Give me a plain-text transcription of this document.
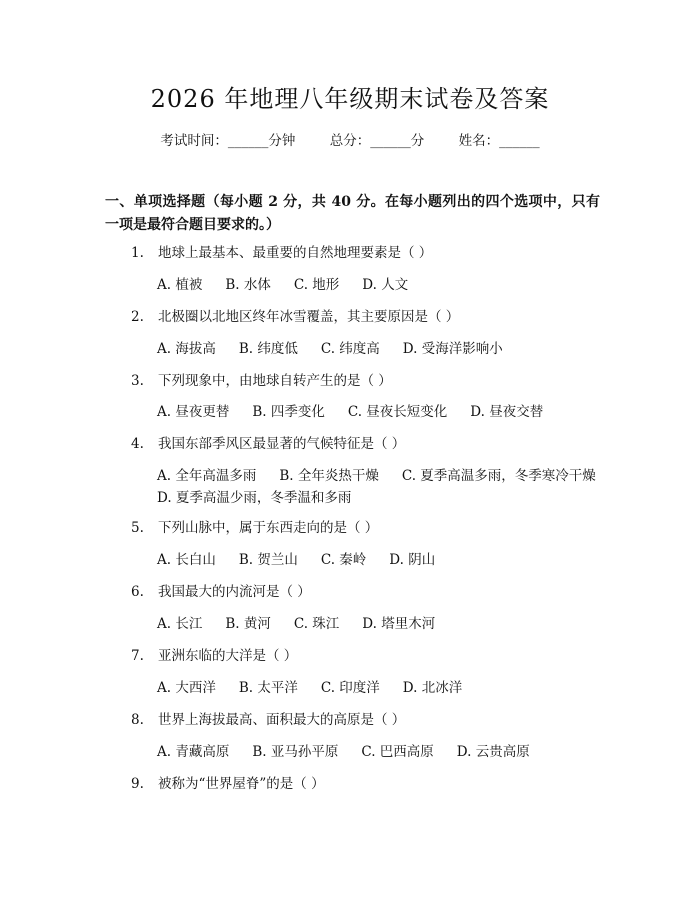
2026 年地理八年级期末试卷及答案
考试时间：______分钟	总分：______分	姓名：______
一、单项选择题（每小题 2 分，共 40 分。在每小题列出的四个选项中，只有一项是最符合题目要求的。）
1. 地球上最基本、最重要的自然地理要素是（ ）
A. 植被 B. 水体 C. 地形 D. 人文
2. 北极圈以北地区终年冰雪覆盖，其主要原因是（ ）
A. 海拔高 B. 纬度低 C. 纬度高 D. 受海洋影响小
3. 下列现象中，由地球自转产生的是（ ）
A. 昼夜更替 B. 四季变化 C. 昼夜长短变化 D. 昼夜交替
4. 我国东部季风区最显著的气候特征是（ ）
A. 全年高温多雨 B. 全年炎热干燥 C. 夏季高温多雨，冬季寒冷干燥
D. 夏季高温少雨，冬季温和多雨
5. 下列山脉中，属于东西走向的是（ ）
A. 长白山 B. 贺兰山 C. 秦岭 D. 阴山
6. 我国最大的内流河是（ ）
A. 长江 B. 黄河 C. 珠江 D. 塔里木河
7. 亚洲东临的大洋是（ ）
A. 大西洋 B. 太平洋 C. 印度洋 D. 北冰洋
8. 世界上海拔最高、面积最大的高原是（ ）
A. 青藏高原 B. 亚马孙平原 C. 巴西高原 D. 云贵高原
9. 被称为“世界屋脊”的是（ ）
